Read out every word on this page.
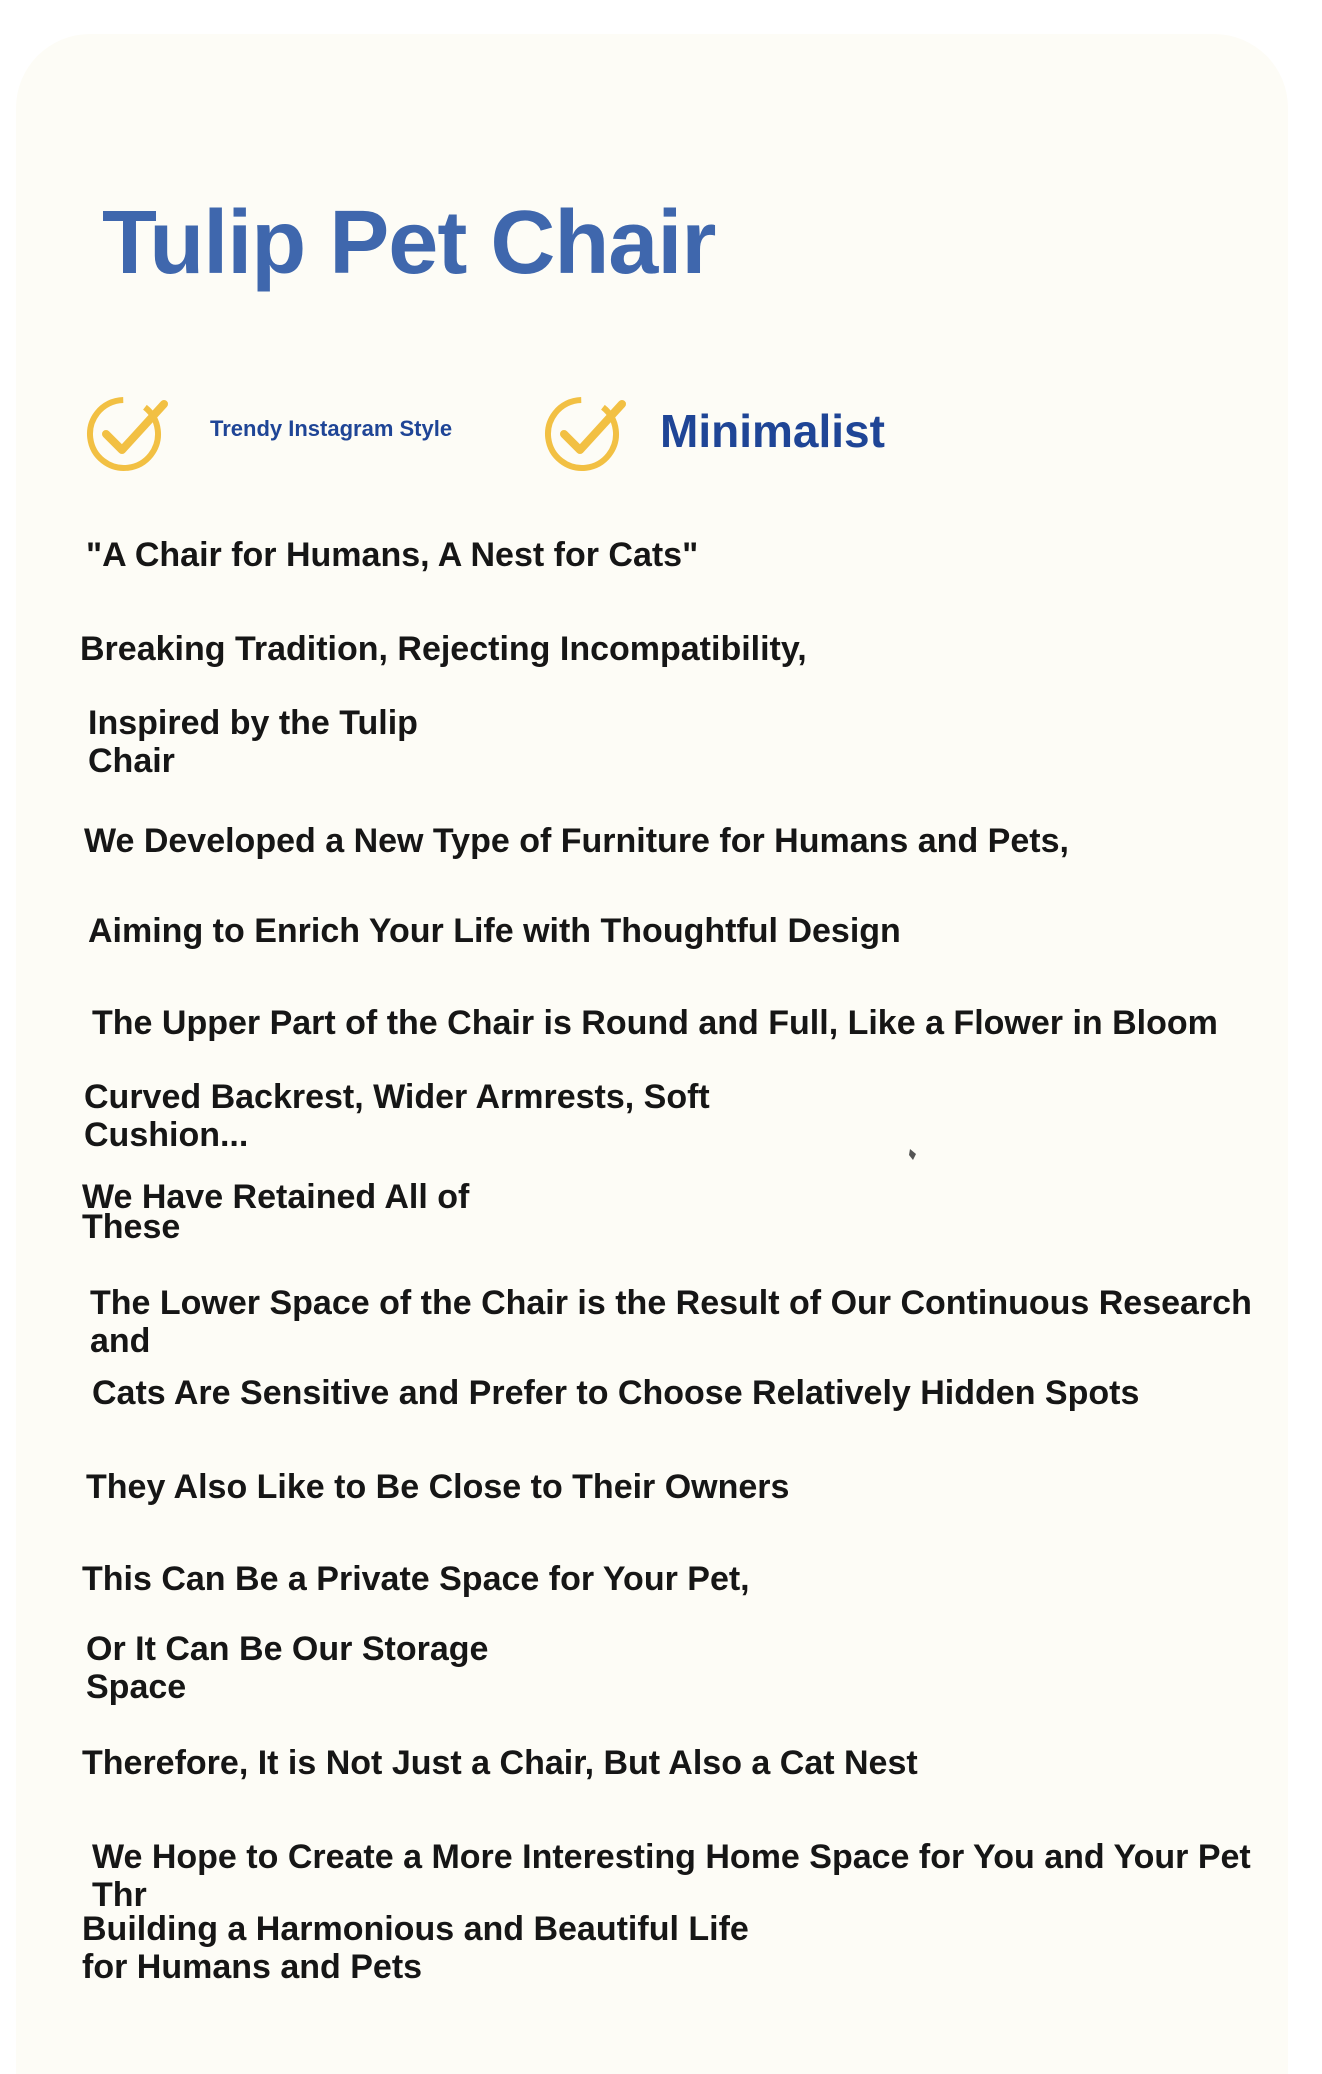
Tulip Pet Chair
Trendy Instagram Style	Minimalist

"A Chair for Humans, A Nest for Cats"

Breaking Tradition, Rejecting Incompatibility,

Inspired by the Tulip
Chair

We Developed a New Type of Furniture for Humans and Pets,

Aiming to Enrich Your Life with Thoughtful Design

The Upper Part of the Chair is Round and Full, Like a Flower in Bloom

Curved Backrest, Wider Armrests, Soft
Cushion...

We Have Retained All of
These

The Lower Space of the Chair is the Result of Our Continuous Research and

Cats Are Sensitive and Prefer to Choose Relatively Hidden Spots

They Also Like to Be Close to Their Owners

This Can Be a Private Space for Your Pet,

Or It Can Be Our Storage
Space

Therefore, It is Not Just a Chair, But Also a Cat Nest

We Hope to Create a More Interesting Home Space for You and Your Pet Thr

Building a Harmonious and Beautiful Life
for Humans and Pets
